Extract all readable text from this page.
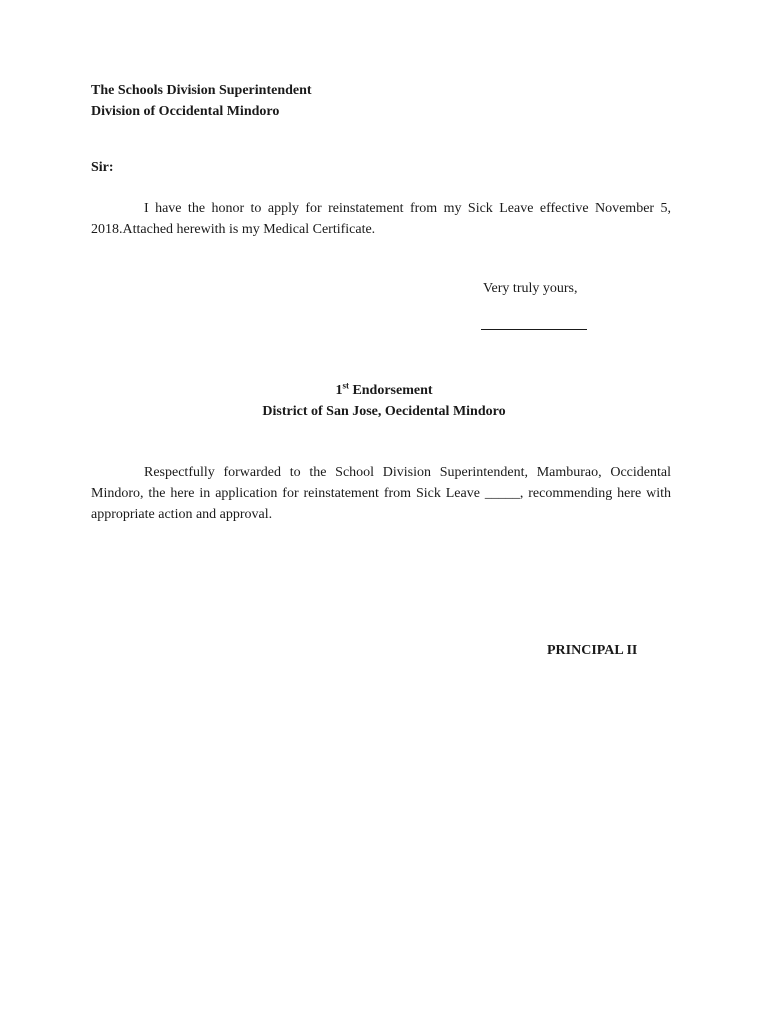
The Schools Division Superintendent
Division of Occidental Mindoro
Sir:
I have the honor to apply for reinstatement from my Sick Leave effective November 5, 2018.Attached herewith is my Medical Certificate.
Very truly yours,
1st Endorsement
District of San Jose, Oecidental Mindoro
Respectfully forwarded to the School Division Superintendent, Mamburao, Occidental Mindoro, the here in application for reinstatement from Sick Leave _____, recommending here with appropriate action and approval.
PRINCIPAL II
